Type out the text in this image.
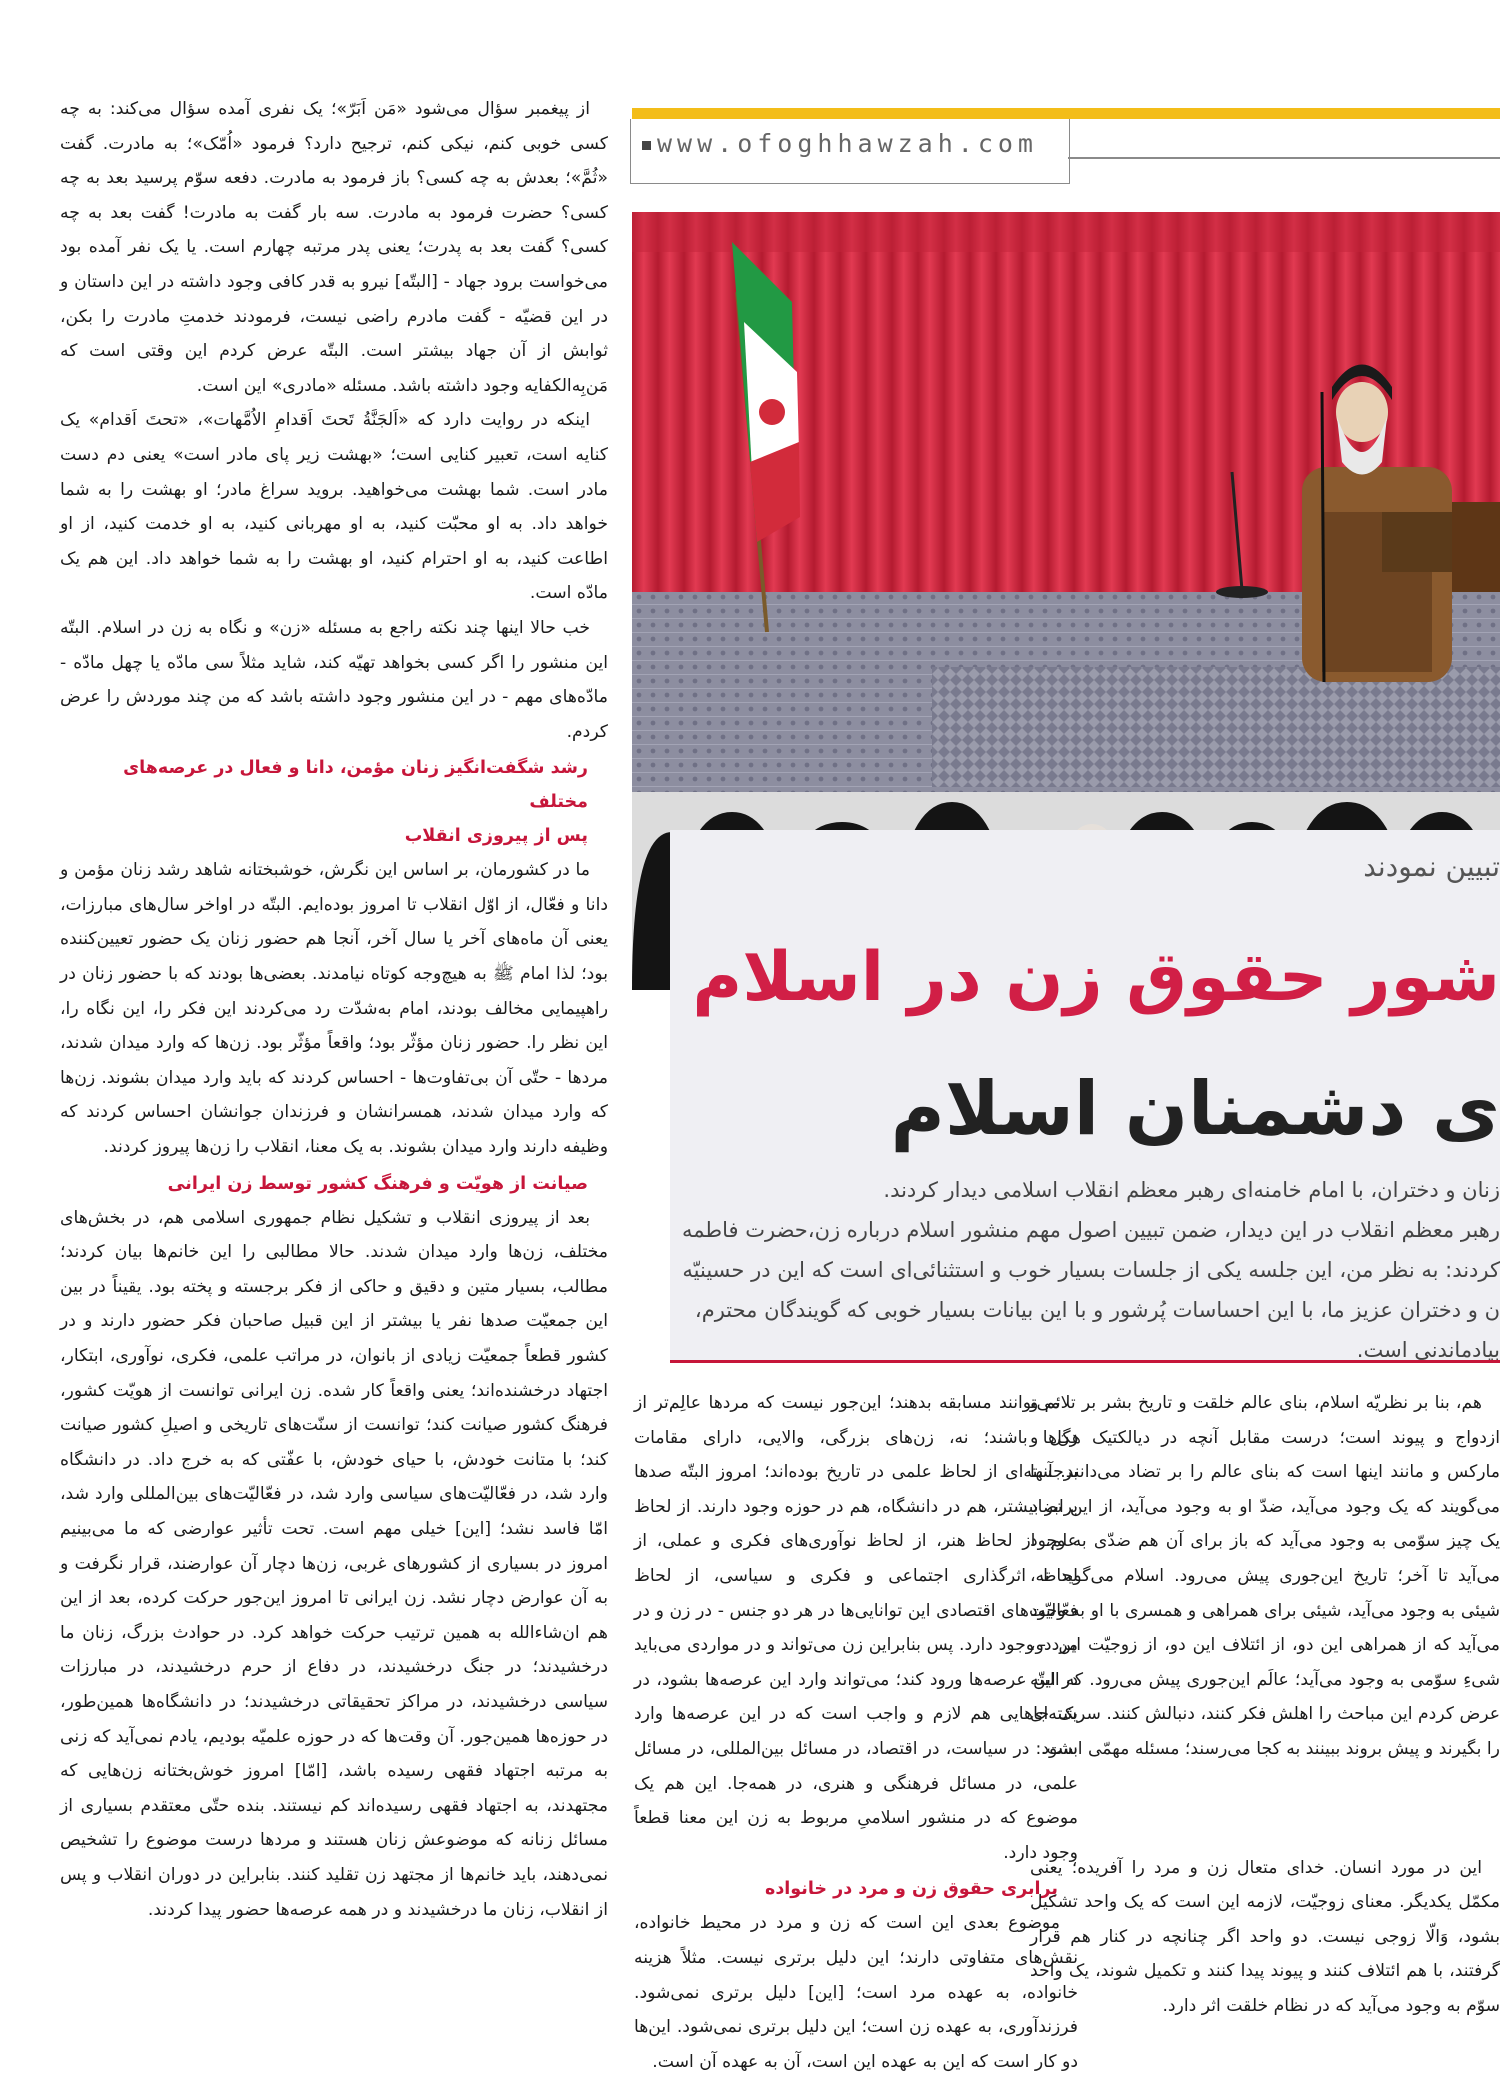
www.ofoghhawzah.com
تبیین نمودند
شور حقوق زن در اسلام
ی دشمنان اسلام

زنان و دختران، با امام خامنه‌ای رهبر معظم انقلاب اسلامی دیدار کردند.

رهبر معظم انقلاب در این دیدار، ضمن تبیین اصول مهم منشور اسلام درباره زن،حضرت فاطمه

کردند: به نظر من، این جلسه یکی از جلسات بسیار خوب و استثنائی‌ای است که این در حسینیّه

ن و دختران عزیز ما، با این احساسات پُرشور و با این بیانات بسیار خوبی که گویندگان محترم،

بیادماندنی است.

از پیغمبر سؤال می‌شود «مَن اَبَرّ»؛ یک نفری آمده سؤال می‌کند: به چه کسی خوبی کنم، نیکی کنم، ترجیح دارد؟ فرمود «اُمّک»؛ به مادرت. گفت «ثُمَّ»؛ بعدش به چه کسی؟ باز فرمود به مادرت. دفعه سوّم پرسید بعد به چه کسی؟ حضرت فرمود به مادرت. سه بار گفت به مادرت! گفت بعد به چه کسی؟ گفت بعد به پدرت؛ یعنی پدر مرتبه چهارم است. یا یک نفر آمده بود می‌خواست برود جهاد - [البتّه] نیرو به قدر کافی وجود داشته در این داستان و در این قضیّه - گفت مادرم راضی نیست، فرمودند خدمتِ مادرت را بکن، ثوابش از آن جهاد بیشتر است. البتّه عرض کردم این وقتی است که مَن‌بِه‌الکفایه وجود داشته باشد. مسئله «مادری» این است.

اینکه در روایت دارد که «اَلجَنَّةُ تَحتَ اَقدامِ الاُمَّهات»، «تحتَ اَقدام» یک کنایه است، تعبیر کنایی است؛ «بهشت زیر پای مادر است» یعنی دم دست مادر است. شما بهشت می‌خواهید. بروید سراغ مادر؛ او بهشت را به شما خواهد داد. به او محبّت کنید، به او مهربانی کنید، به او خدمت کنید، از او اطاعت کنید، به او احترام کنید، او بهشت را به شما خواهد داد. این هم یک مادّه است.

خب حالا اینها چند نکته راجع به مسئله «زن» و نگاه به زن در اسلام. البتّه این منشور را اگر کسی بخواهد تهیّه کند، شاید مثلاً سی مادّه یا چهل مادّه - مادّه‌های مهم - در این منشور وجود داشته باشد که من چند موردش را عرض کردم.

رشد شگفت‌انگیز زنان مؤمن، دانا و فعال در عرصه‌های مختلف
پس از پیروزی انقلاب

ما در کشورمان، بر اساس این نگرش، خوشبختانه شاهد رشد زنان مؤمن و دانا و فعّال، از اوّل انقلاب تا امروز بوده‌ایم. البتّه در اواخر سال‌های مبارزات، یعنی آن ماه‌های آخر یا سال آخر، آنجا هم حضور زنان یک حضور تعیین‌کننده بود؛ لذا امام ﷺ به هیچ‌وجه کوتاه نیامدند. بعضی‌ها بودند که با حضور زنان در راهپیمایی مخالف بودند، امام به‌شدّت رد می‌کردند این فکر را، این نگاه را، این نظر را. حضور زنان مؤثّر بود؛ واقعاً مؤثّر بود. زن‌ها که وارد میدان شدند، مردها - حتّی آن بی‌تفاوت‌ها - احساس کردند که باید وارد میدان بشوند. زن‌ها که وارد میدان شدند، همسرانشان و فرزندان جوانشان احساس کردند که وظیفه دارند وارد میدان بشوند. به یک معنا، انقلاب را زن‌ها پیروز کردند.

صیانت از هویّت و فرهنگ کشور توسط زن ایرانی

بعد از پیروزی انقلاب و تشکیل نظام جمهوری اسلامی هم، در بخش‌های مختلف، زن‌ها وارد میدان شدند. حالا مطالبی را این خانم‌ها بیان کردند؛ مطالب، بسیار متین و دقیق و حاکی از فکر برجسته و پخته بود. یقیناً در بین این جمعیّت صدها نفر یا بیشتر از این قبیل صاحبان فکر حضور دارند و در کشور قطعاً جمعیّت زیادی از بانوان، در مراتب علمی، فکری، نوآوری، ابتکار، اجتهاد درخشنده‌اند؛ یعنی واقعاً کار شده. زن ایرانی توانست از هویّت کشور، فرهنگ کشور صیانت کند؛ توانست از سنّت‌های تاریخی و اصیلِ کشور صیانت کند؛ با متانت خودش، با حیای خودش، با عفّتی که به خرج داد. در دانشگاه وارد شد، در فعّالیّت‌های سیاسی وارد شد، در فعّالیّت‌های بین‌المللی وارد شد، امّا فاسد نشد؛ [این] خیلی مهم است. تحت تأثیر عوارضی که ما می‌بینیم امروز در بسیاری از کشورهای غربی، زن‌ها دچار آن عوارضند، قرار نگرفت و به آن عوارض دچار نشد. زن ایرانی تا امروز این‌جور حرکت کرده، بعد از این هم ان‌شاءالله به همین ترتیب حرکت خواهد کرد. در حوادث بزرگ، زنان ما درخشیدند؛ در جنگ درخشیدند، در دفاع از حرم درخشیدند، در مبارزات سیاسی درخشیدند، در مراکز تحقیقاتی درخشیدند؛ در دانشگاه‌ها همین‌طور، در حوزه‌ها همین‌جور. آن وقت‌ها که در حوزه علمیّه بودیم، یادم نمی‌آید که زنی به مرتبه اجتهاد فقهی رسیده باشد، [امّا] امروز خوش‌بختانه زن‌هایی که مجتهدند، به اجتهاد فقهی رسیده‌اند کم نیستند. بنده حتّی معتقدم بسیاری از مسائل زنانه که موضوعش زنان هستند و مردها درست موضوع را تشخیص نمی‌دهند، باید خانم‌ها از مجتهد زن تقلید کنند. بنابراین در دوران انقلاب و پس از انقلاب، زنان ما درخشیدند و در همه عرصه‌ها حضور پیدا کردند.

می‌توانند مسابقه بدهند؛ این‌جور نیست که مردها عالِم‌تر از زن‌ها باشند؛ نه، زن‌های بزرگی، والایی، دارای مقامات برجسته‌ای از لحاظ علمی در تاریخ بوده‌اند؛ امروز البتّه صدها برابر بیشتر، هم در دانشگاه، هم در حوزه وجود دارند. از لحاظ علم، از لحاظ هنر، از لحاظ نوآوری‌های فکری و عملی، از لحاظ اثرگذاری اجتماعی و فکری و سیاسی، از لحاظ فعّالیّت‌های اقتصادی این توانایی‌ها در هر دو جنس - در زن و در مرد - وجود دارد. پس بنابراین زن می‌تواند و در مواردی می‌باید در این عرصه‌ها ورود کند؛ می‌تواند وارد این عرصه‌ها بشود، در یک جاهایی هم لازم و واجب است که در این عرصه‌ها وارد بشود: در سیاست، در اقتصاد، در مسائل بین‌المللی، در مسائل علمی، در مسائل فرهنگی و هنری، در همه‌جا. این هم یک موضوع که در منشور اسلامیِ مربوط به زن این معنا قطعاً وجود دارد.

برابری حقوق زن و مرد در خانواده

موضوع بعدی این است که زن و مرد در محیط خانواده، نقش‌های متفاوتی دارند؛ این دلیل برتری نیست. مثلاً هزینه خانواده، به عهده مرد است؛ [این] دلیل برتری نمی‌شود. فرزندآوری، به عهده زن است؛ این دلیل برتری نمی‌شود. این‌ها دو کار است که این به عهده این است، آن به عهده آن است.

هم، بنا بر نظریّه اسلام، بنای عالم خلقت و تاریخ بشر بر تلائم و ازدواج و پیوند است؛ درست مقابل آنچه در دیالکتیک هگل و مارکس و مانند اینها است که بنای عالم را بر تضاد می‌دانند. آنها می‌گویند که یک وجود می‌آید، ضدّ او به وجود می‌آید، از این تضاد یک چیز سوّمی به وجود می‌آید که باز برای آن هم ضدّی به وجود می‌آید تا آخر؛ تاریخ این‌جوری پیش می‌رود. اسلام می‌گوید نه، شیئی به وجود می‌آید، شیئی برای همراهی و همسری با او به وجود می‌آید که از همراهی این دو، از ائتلاف این دو، از زوجیّت این دو، شیءِ سوّمی به وجود می‌آید؛ عالَم این‌جوری پیش می‌رود. که البتّه عرض کردم این مباحث را اهلش فکر کنند، دنبالش کنند. سرشته‌ای را بگیرند و پیش بروند ببینند به کجا می‌رسند؛ مسئله مهمّی است.

این در مورد انسان. خدای متعال زن و مرد را آفریده؛ یعنی مکمّل یکدیگر. معنای زوجیّت، لازمه این است که یک واحد تشکیل بشود، وَالّا زوجی نیست. دو واحد اگر چنانچه در کنار هم قرار گرفتند، با هم ائتلاف کنند و پیوند پیدا کنند و تکمیل شوند، یک واحد سوّم به وجود می‌آید که در نظام خلقت اثر دارد.
